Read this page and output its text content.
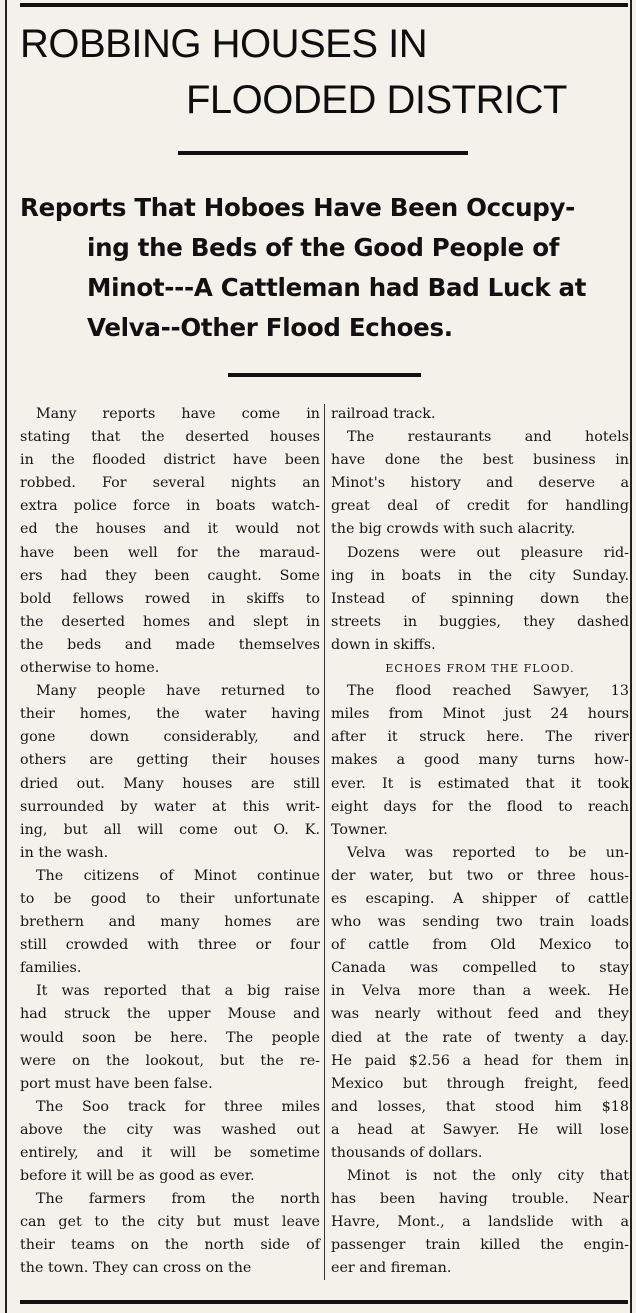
ROBBING HOUSES IN
FLOODED DISTRICT
Reports That Hoboes Have Been Occupy-
ing the Beds of the Good People of
Minot---A Cattleman had Bad Luck at
Velva--Other Flood Echoes.
Many reports have come in
stating that the deserted houses
in the flooded district have been
robbed. For several nights an
extra police force in boats watch-
ed the houses and it would not
have been well for the maraud-
ers had they been caught. Some
bold fellows rowed in skiffs to
the deserted homes and slept in
the beds and made themselves
otherwise to home.
Many people have returned to
their homes, the water having
gone down considerably, and
others are getting their houses
dried out. Many houses are still
surrounded by water at this writ-
ing, but all will come out O. K.
in the wash.
The citizens of Minot continue
to be good to their unfortunate
brethern and many homes are
still crowded with three or four
families.
It was reported that a big raise
had struck the upper Mouse and
would soon be here. The people
were on the lookout, but the re-
port must have been false.
The Soo track for three miles
above the city was washed out
entirely, and it will be sometime
before it will be as good as ever.
The farmers from the north
can get to the city but must leave
their teams on the north side of
the town. They can cross on the
railroad track.
The restaurants and hotels
have done the best business in
Minot's history and deserve a
great deal of credit for handling
the big crowds with such alacrity.
Dozens were out pleasure rid-
ing in boats in the city Sunday.
Instead of spinning down the
streets in buggies, they dashed
down in skiffs.
ECHOES FROM THE FLOOD.
The flood reached Sawyer, 13
miles from Minot just 24 hours
after it struck here. The river
makes a good many turns how-
ever. It is estimated that it took
eight days for the flood to reach
Towner.
Velva was reported to be un-
der water, but two or three hous-
es escaping. A shipper of cattle
who was sending two train loads
of cattle from Old Mexico to
Canada was compelled to stay
in Velva more than a week. He
was nearly without feed and they
died at the rate of twenty a day.
He paid $2.56 a head for them in
Mexico but through freight, feed
and losses, that stood him $18
a head at Sawyer. He will lose
thousands of dollars.
Minot is not the only city that
has been having trouble. Near
Havre, Mont., a landslide with a
passenger train killed the engin-
eer and fireman.
